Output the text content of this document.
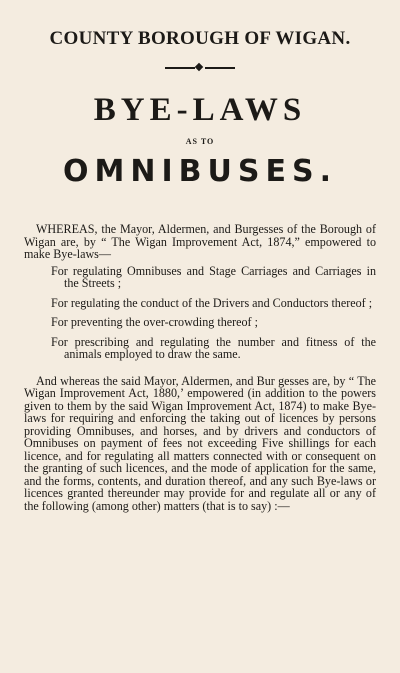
COUNTY BOROUGH OF WIGAN.
BYE-LAWS
AS TO
OMNIBUSES.

WHEREAS, the Mayor, Aldermen, and Burgesses of the Borough of Wigan are, by “ The Wigan Improvement Act, 1874,” empowered to make Bye-laws—

For regulating Omnibuses and Stage Carriages and Carriages in the Streets ;
For regulating the conduct of the Drivers and Conductors thereof ;
For preventing the over-crowding thereof ;
For prescribing and regulating the number and fitness of the animals employed to draw the same.

And whereas the said Mayor, Aldermen, and Bur gesses are, by “ The Wigan Improvement Act, 1880,’ empowered (in addition to the powers given to them by the said Wigan Improvement Act, 1874) to make Bye-laws for requiring and enforcing the taking out of licences by persons providing Omnibuses, and horses, and by drivers and conductors of Omnibuses on payment of fees not exceeding Five shillings for each licence, and for regulating all matters connected with or consequent on the granting of such licences, and the mode of application for the same, and the forms, contents, and duration thereof, and any such Bye-laws or licences granted thereunder may provide for and regulate all or any of the following (among other) matters (that is to say) :—
